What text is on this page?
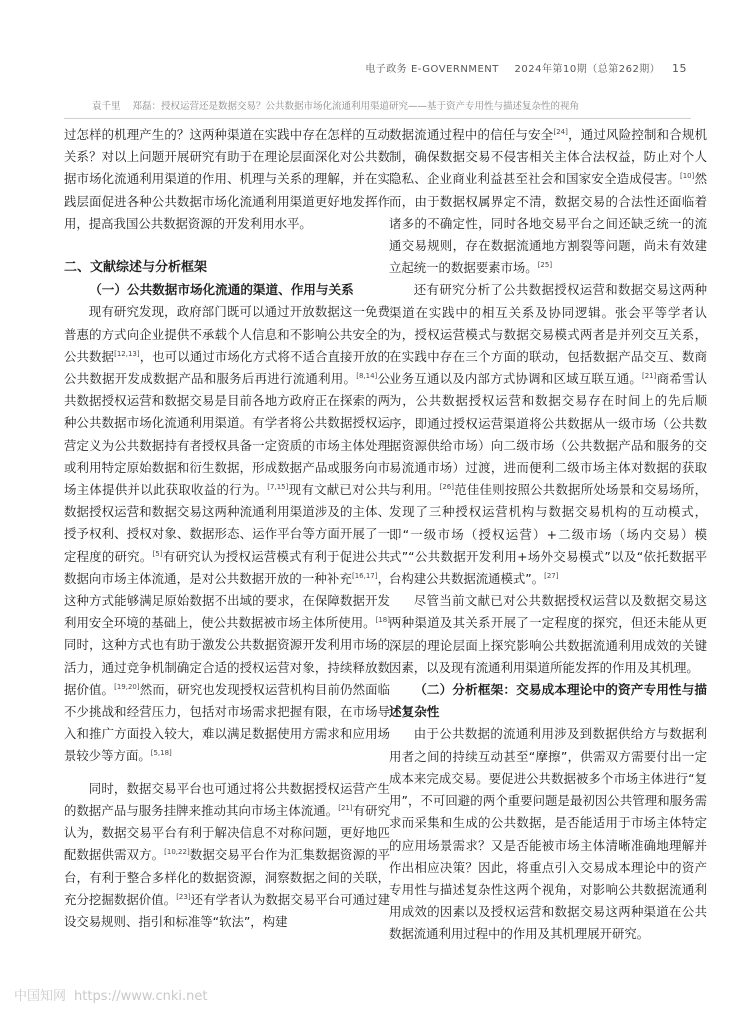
电子政务 E-GOVERNMENT 2024年第10期（总第262期） 15
袁千里 郑磊：授权运营还是数据交易？公共数据市场化流通利用渠道研究——基于资产专用性与描述复杂性的视角

过怎样的机理产生的？这两种渠道在实践中存在怎样的互动关系？对以上问题开展研究有助于在理论层面深化对公共数据市场化流通利用渠道的作用、机理与关系的理解，并在实践层面促进各种公共数据市场化流通利用渠道更好地发挥作用，提高我国公共数据资源的开发利用水平。

二、文献综述与分析框架
（一）公共数据市场化流通的渠道、作用与关系

现有研究发现，政府部门既可以通过开放数据这一免费普惠的方式向企业提供不承载个人信息和不影响公共安全的公共数据[12,13]，也可以通过市场化方式将不适合直接开放的公共数据开发成数据产品和服务后再进行流通利用。[8,14]公共数据授权运营和数据交易是目前各地方政府正在探索的两种公共数据市场化流通利用渠道。有学者将公共数据授权运营定义为公共数据持有者授权具备一定资质的市场主体处理或利用特定原始数据和衍生数据，形成数据产品或服务向市场主体提供并以此获取收益的行为。[7,15]现有文献已对公共数据授权运营和数据交易这两种流通利用渠道涉及的主体、授予权利、授权对象、数据形态、运作平台等方面开展了一定程度的研究。[5]有研究认为授权运营模式有利于促进公共数据向市场主体流通，是对公共数据开放的一种补充[16,17]，这种方式能够满足原始数据不出域的要求，在保障数据开发利用安全环境的基础上，使公共数据被市场主体所使用。[18]同时，这种方式也有助于激发公共数据资源开发利用市场的活力，通过竞争机制确定合适的授权运营对象，持续释放数据价值。[19,20]然而，研究也发现授权运营机构目前仍然面临不少挑战和经营压力，包括对市场需求把握有限，在市场导入和推广方面投入较大，难以满足数据使用方需求和应用场景较少等方面。[5,18]

同时，数据交易平台也可通过将公共数据授权运营产生的数据产品与服务挂牌来推动其向市场主体流通。[21]有研究认为，数据交易平台有利于解决信息不对称问题，更好地匹配数据供需双方。[10,22]数据交易平台作为汇集数据资源的平台，有利于整合多样化的数据资源，洞察数据之间的关联，充分挖掘数据价值。[23]还有学者认为数据交易平台可通过建设交易规则、指引和标准等“软法”，构建

数据流通过程中的信任与安全[24]，通过风险控制和合规机制，确保数据交易不侵害相关主体合法权益，防止对个人隐私、企业商业利益甚至社会和国家安全造成侵害。[10]然而，由于数据权属界定不清，数据交易的合法性还面临着诸多的不确定性，同时各地交易平台之间还缺乏统一的流通交易规则，存在数据流通地方割裂等问题，尚未有效建立起统一的数据要素市场。[25]

还有研究分析了公共数据授权运营和数据交易这两种渠道在实践中的相互关系及协同逻辑。张会平等学者认为，授权运营模式与数据交易模式两者是并列交互关系，在实践中存在三个方面的联动，包括数据产品交互、数商业务互通以及内部方式协调和区域互联互通。[21]商希雪认为，公共数据授权运营和数据交易存在时间上的先后顺序，即通过授权运营渠道将公共数据从一级市场（公共数据资源供给市场）向二级市场（公共数据产品和服务的交易流通市场）过渡，进而便利二级市场主体对数据的获取与利用。[26]范佳佳则按照公共数据所处场景和交易场所，发现了三种授权运营机构与数据交易机构的互动模式，即“一级市场（授权运营）+二级市场（场内交易）模式”“公共数据开发利用+场外交易模式”以及“依托数据平台构建公共数据流通模式”。[27]

尽管当前文献已对公共数据授权运营以及数据交易这两种渠道及其关系开展了一定程度的探究，但还未能从更深层的理论层面上探究影响公共数据流通利用成效的关键因素，以及现有流通利用渠道所能发挥的作用及其机理。

（二）分析框架：交易成本理论中的资产专用性与描述复杂性

由于公共数据的流通利用涉及到数据供给方与数据利用者之间的持续互动甚至“摩擦”，供需双方需要付出一定成本来完成交易。要促进公共数据被多个市场主体进行“复用”，不可回避的两个重要问题是最初因公共管理和服务需求而采集和生成的公共数据，是否能适用于市场主体特定的应用场景需求？又是否能被市场主体清晰准确地理解并作出相应决策？因此，将重点引入交易成本理论中的资产专用性与描述复杂性这两个视角，对影响公共数据流通利用成效的因素以及授权运营和数据交易这两种渠道在公共数据流通利用过程中的作用及其机理展开研究。

中国知网 https://www.cnki.net
